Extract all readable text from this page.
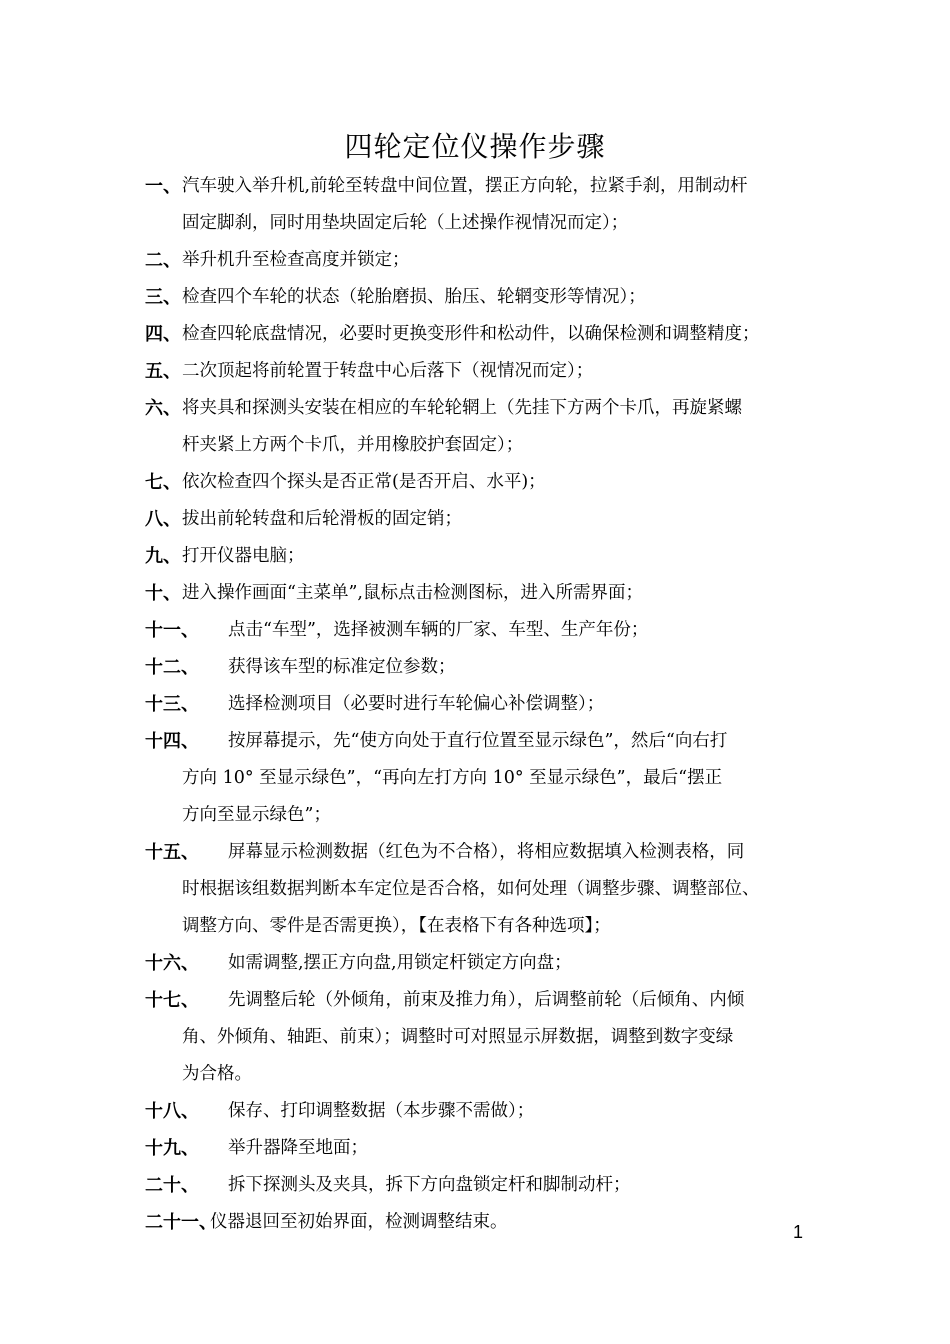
四轮定位仪操作步骤
一、 汽车驶入举升机,前轮至转盘中间位置，摆正方向轮，拉紧手刹，用制动杆
固定脚刹，同时用垫块固定后轮（上述操作视情况而定）；
二、 举升机升至检查高度并锁定；
三、 检查四个车轮的状态（轮胎磨损、胎压、轮辋变形等情况）；
四、 检查四轮底盘情况，必要时更换变形件和松动件，以确保检测和调整精度；
五、 二次顶起将前轮置于转盘中心后落下（视情况而定）；
六、 将夹具和探测头安装在相应的车轮轮辋上（先挂下方两个卡爪，再旋紧螺
杆夹紧上方两个卡爪，并用橡胶护套固定）；
七、 依次检查四个探头是否正常(是否开启、水平)；
八、 拔出前轮转盘和后轮滑板的固定销；
九、 打开仪器电脑；
十、 进入操作画面“主菜单”,鼠标点击检测图标，进入所需界面；
十一、	点击“车型”，选择被测车辆的厂家、车型、生产年份；
十二、	获得该车型的标准定位参数；
十三、	选择检测项目（必要时进行车轮偏心补偿调整）；
十四、	按屏幕提示，先“使方向处于直行位置至显示绿色”，然后“向右打
方向 10° 至显示绿色”，“再向左打方向 10° 至显示绿色”，最后“摆正
方向至显示绿色”；
十五、	屏幕显示检测数据（红色为不合格），将相应数据填入检测表格，同
时根据该组数据判断本车定位是否合格，如何处理（调整步骤、调整部位、
调整方向、零件是否需更换），【在表格下有各种选项】；
十六、	如需调整,摆正方向盘,用锁定杆锁定方向盘；
十七、	先调整后轮（外倾角，前束及推力角），后调整前轮（后倾角、内倾
角、外倾角、轴距、前束）；调整时可对照显示屏数据，调整到数字变绿
为合格。
十八、	保存、打印调整数据（本步骤不需做）；
十九、	举升器降至地面；
二十、	拆下探测头及夹具，拆下方向盘锁定杆和脚制动杆；
二十一、
仪器退回至初始界面，检测调整结束。	1
